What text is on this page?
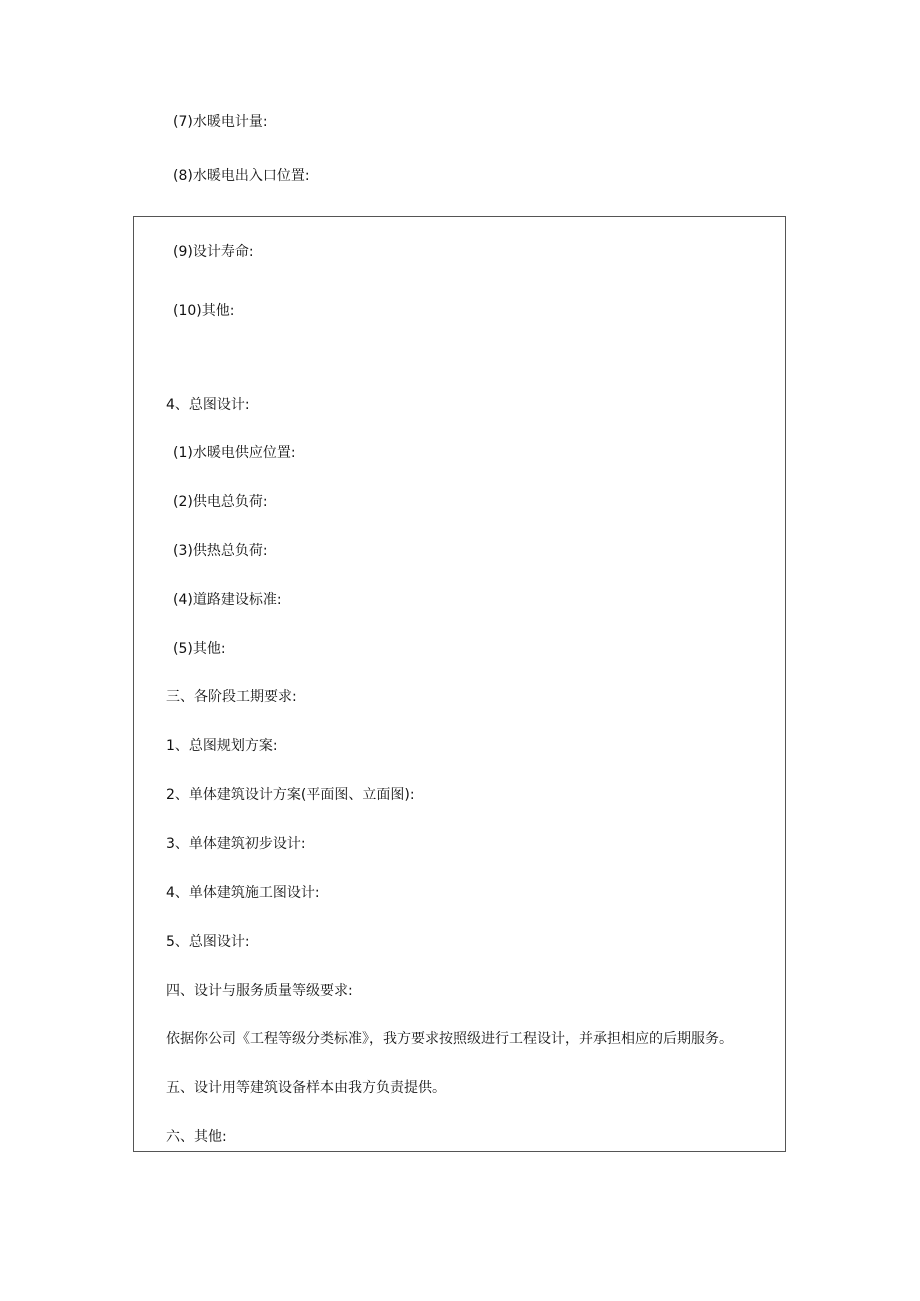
(7)水暖电计量:

(8)水暖电出入口位置:

(9)设计寿命:

(10)其他:

4、总图设计:

(1)水暖电供应位置:

(2)供电总负荷:

(3)供热总负荷:

(4)道路建设标准:

(5)其他:

三、各阶段工期要求:

1、总图规划方案:

2、单体建筑设计方案(平面图、立面图):

3、单体建筑初步设计:

4、单体建筑施工图设计:

5、总图设计:

四、设计与服务质量等级要求:

依据你公司《工程等级分类标准》，我方要求按照级进行工程设计，并承担相应的后期服务。

五、设计用等建筑设备样本由我方负责提供。

六、其他:
